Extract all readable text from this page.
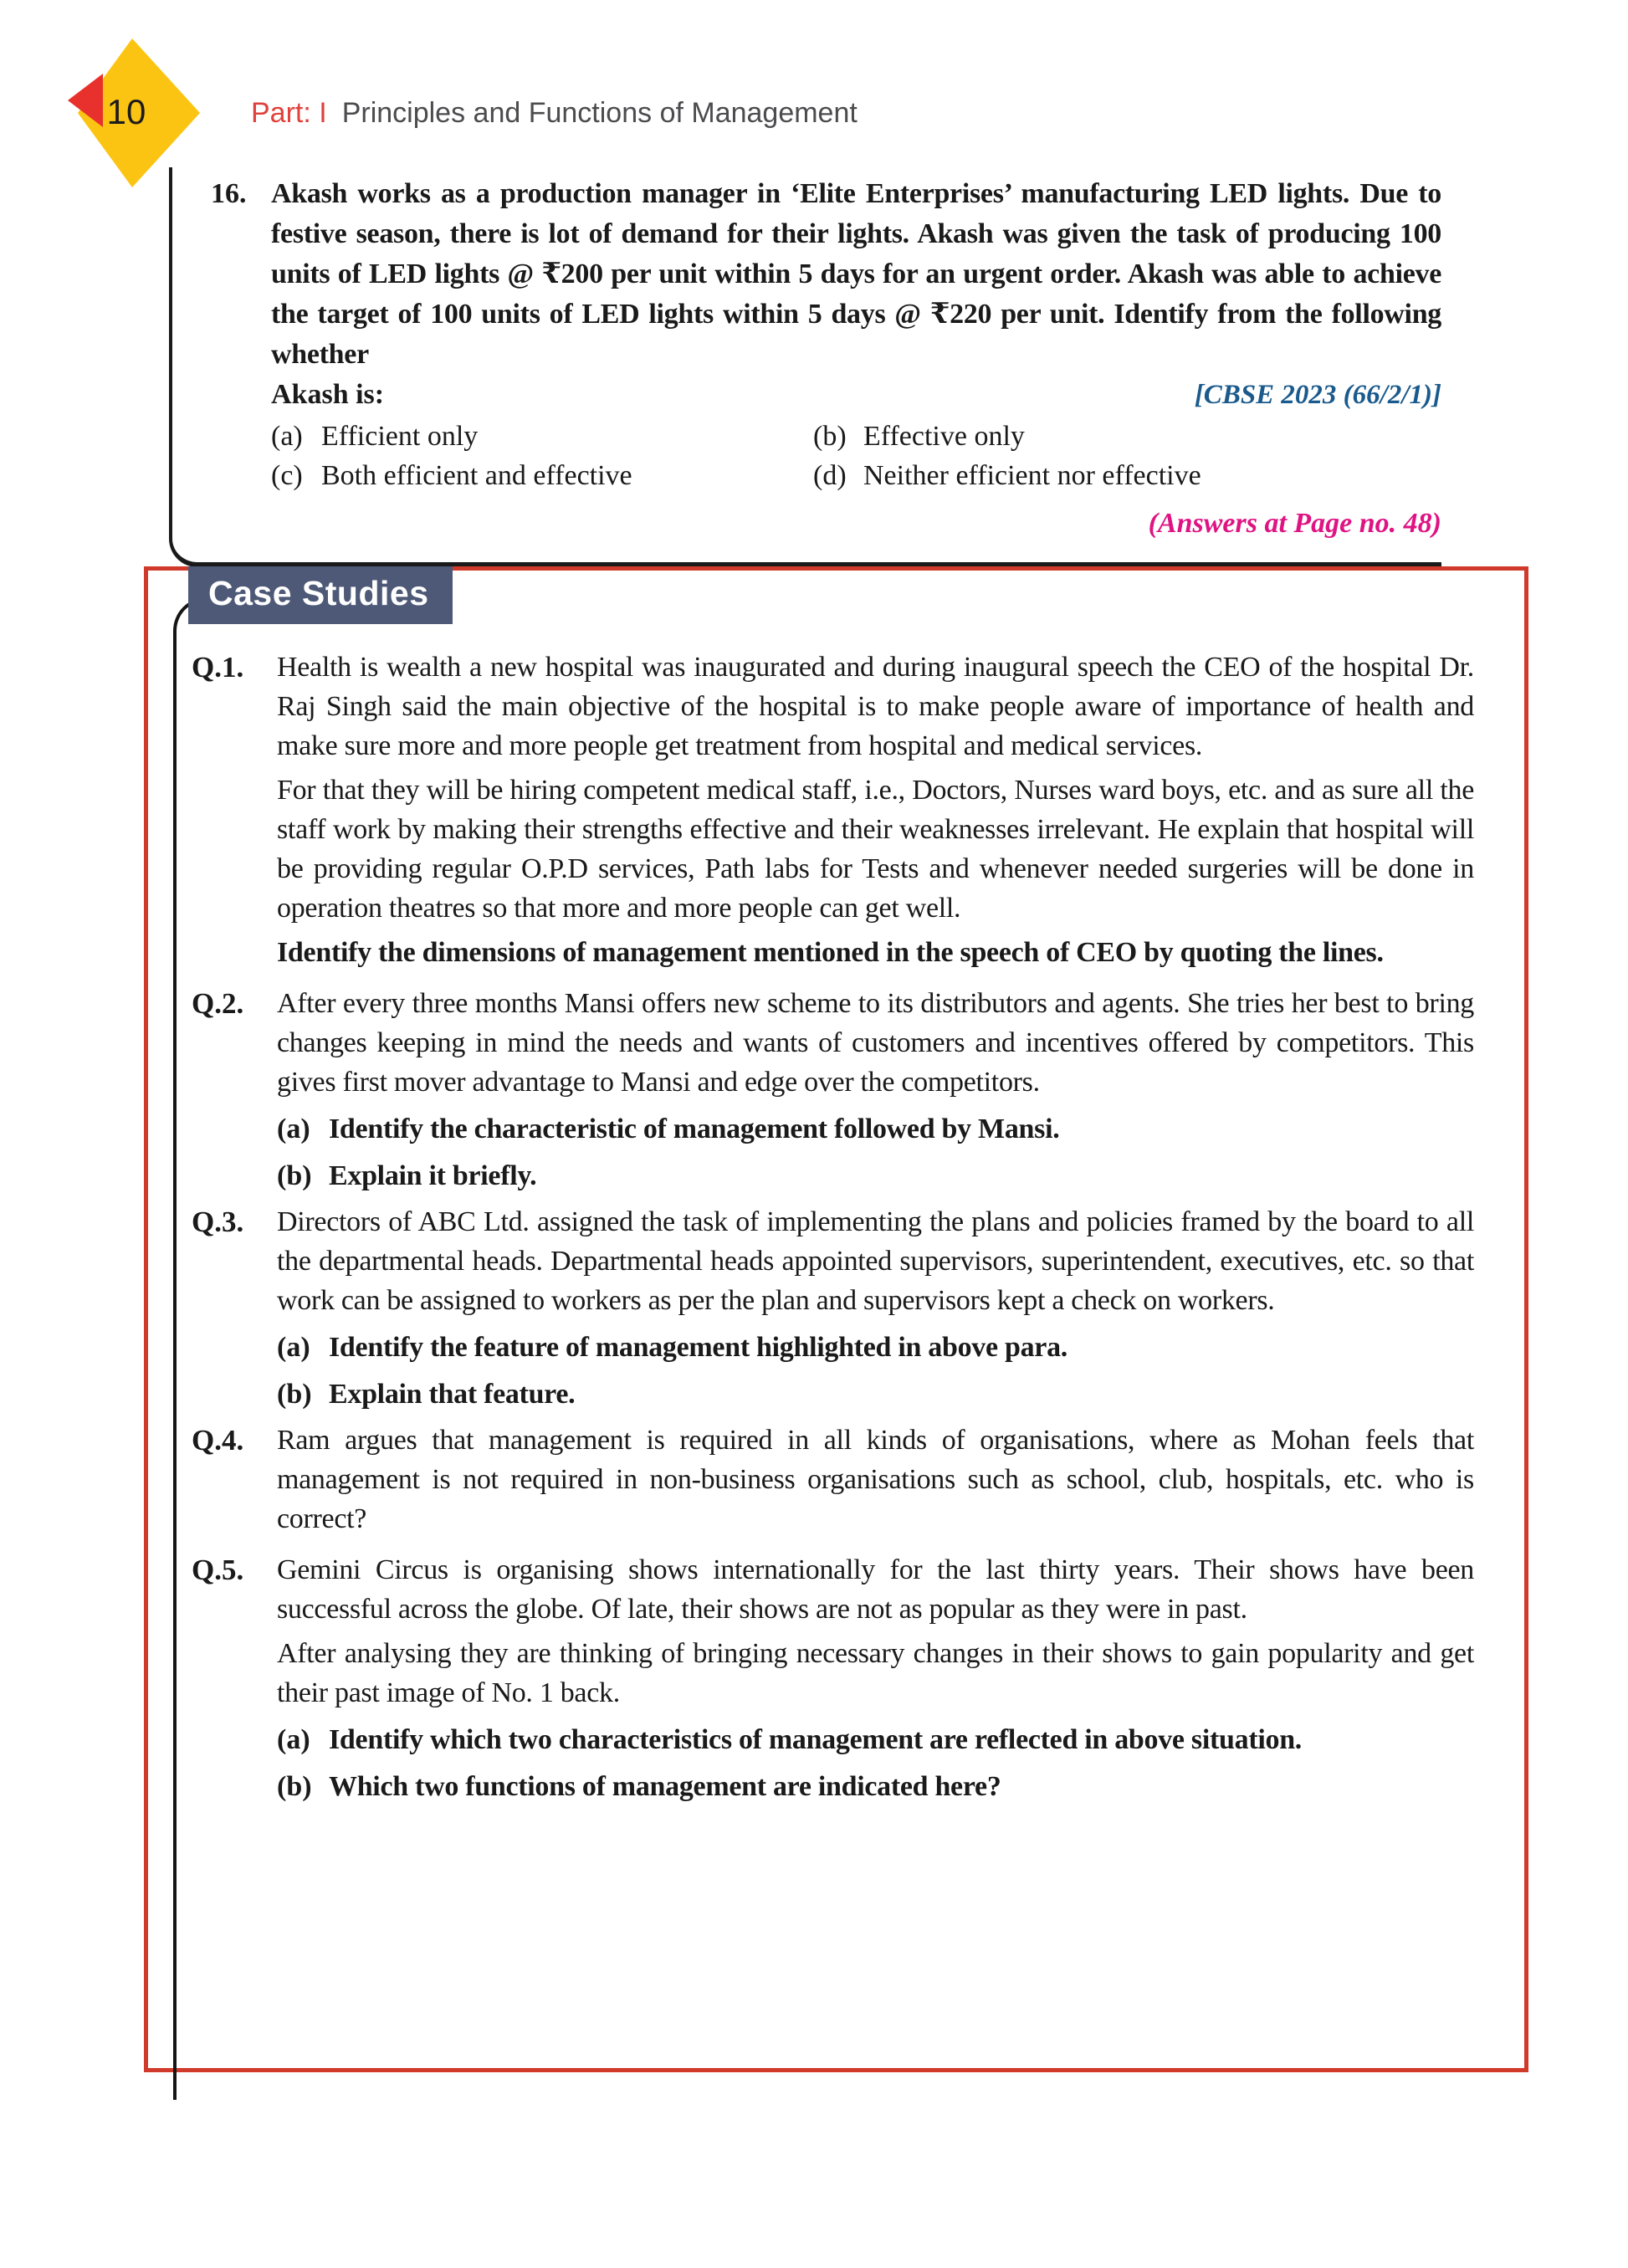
10	Part: I Principles and Functions of Management
16. Akash works as a production manager in ‘Elite Enterprises’ manufacturing LED lights. Due to festive season, there is lot of demand for their lights. Akash was given the task of producing 100 units of LED lights @ ₹200 per unit within 5 days for an urgent order. Akash was able to achieve the target of 100 units of LED lights within 5 days @ ₹220 per unit. Identify from the following whether
Akash is:	[CBSE 2023 (66/2/1)]
(a) Efficient only	(b) Effective only
(c) Both efficient and effective	(d) Neither efficient nor effective
(Answers at Page no. 48)
Case Studies
Q.1.	Health is wealth a new hospital was inaugurated and during inaugural speech the CEO of the hospital Dr. Raj Singh said the main objective of the hospital is to make people aware of importance of health and make sure more and more people get treatment from hospital and medical services.

For that they will be hiring competent medical staff, i.e., Doctors, Nurses ward boys, etc. and as sure all the staff work by making their strengths effective and their weaknesses irrelevant. He explain that hospital will be providing regular O.P.D services, Path labs for Tests and whenever needed surgeries will be done in operation theatres so that more and more people can get well.

Identify the dimensions of management mentioned in the speech of CEO by quoting the lines.

Q.2.	After every three months Mansi offers new scheme to its distributors and agents. She tries her best to bring changes keeping in mind the needs and wants of customers and incentives offered by competitors. This gives first mover advantage to Mansi and edge over the competitors.

(a) Identify the characteristic of management followed by Mansi.
(b) Explain it briefly.
Q.3.	Directors of ABC Ltd. assigned the task of implementing the plans and policies framed by the board to all the departmental heads. Departmental heads appointed supervisors, superintendent, executives, etc. so that work can be assigned to workers as per the plan and supervisors kept a check on workers.

(a) Identify the feature of management highlighted in above para.
(b) Explain that feature.
Q.4.	Ram argues that management is required in all kinds of organisations, where as Mohan feels that management is not required in non-business organisations such as school, club, hospitals, etc. who is correct?

Q.5.	Gemini Circus is organising shows internationally for the last thirty years. Their shows have been successful across the globe. Of late, their shows are not as popular as they were in past.

After analysing they are thinking of bringing necessary changes in their shows to gain popularity and get their past image of No. 1 back.

(a) Identify which two characteristics of management are reflected in above situation.
(b) Which two functions of management are indicated here?
